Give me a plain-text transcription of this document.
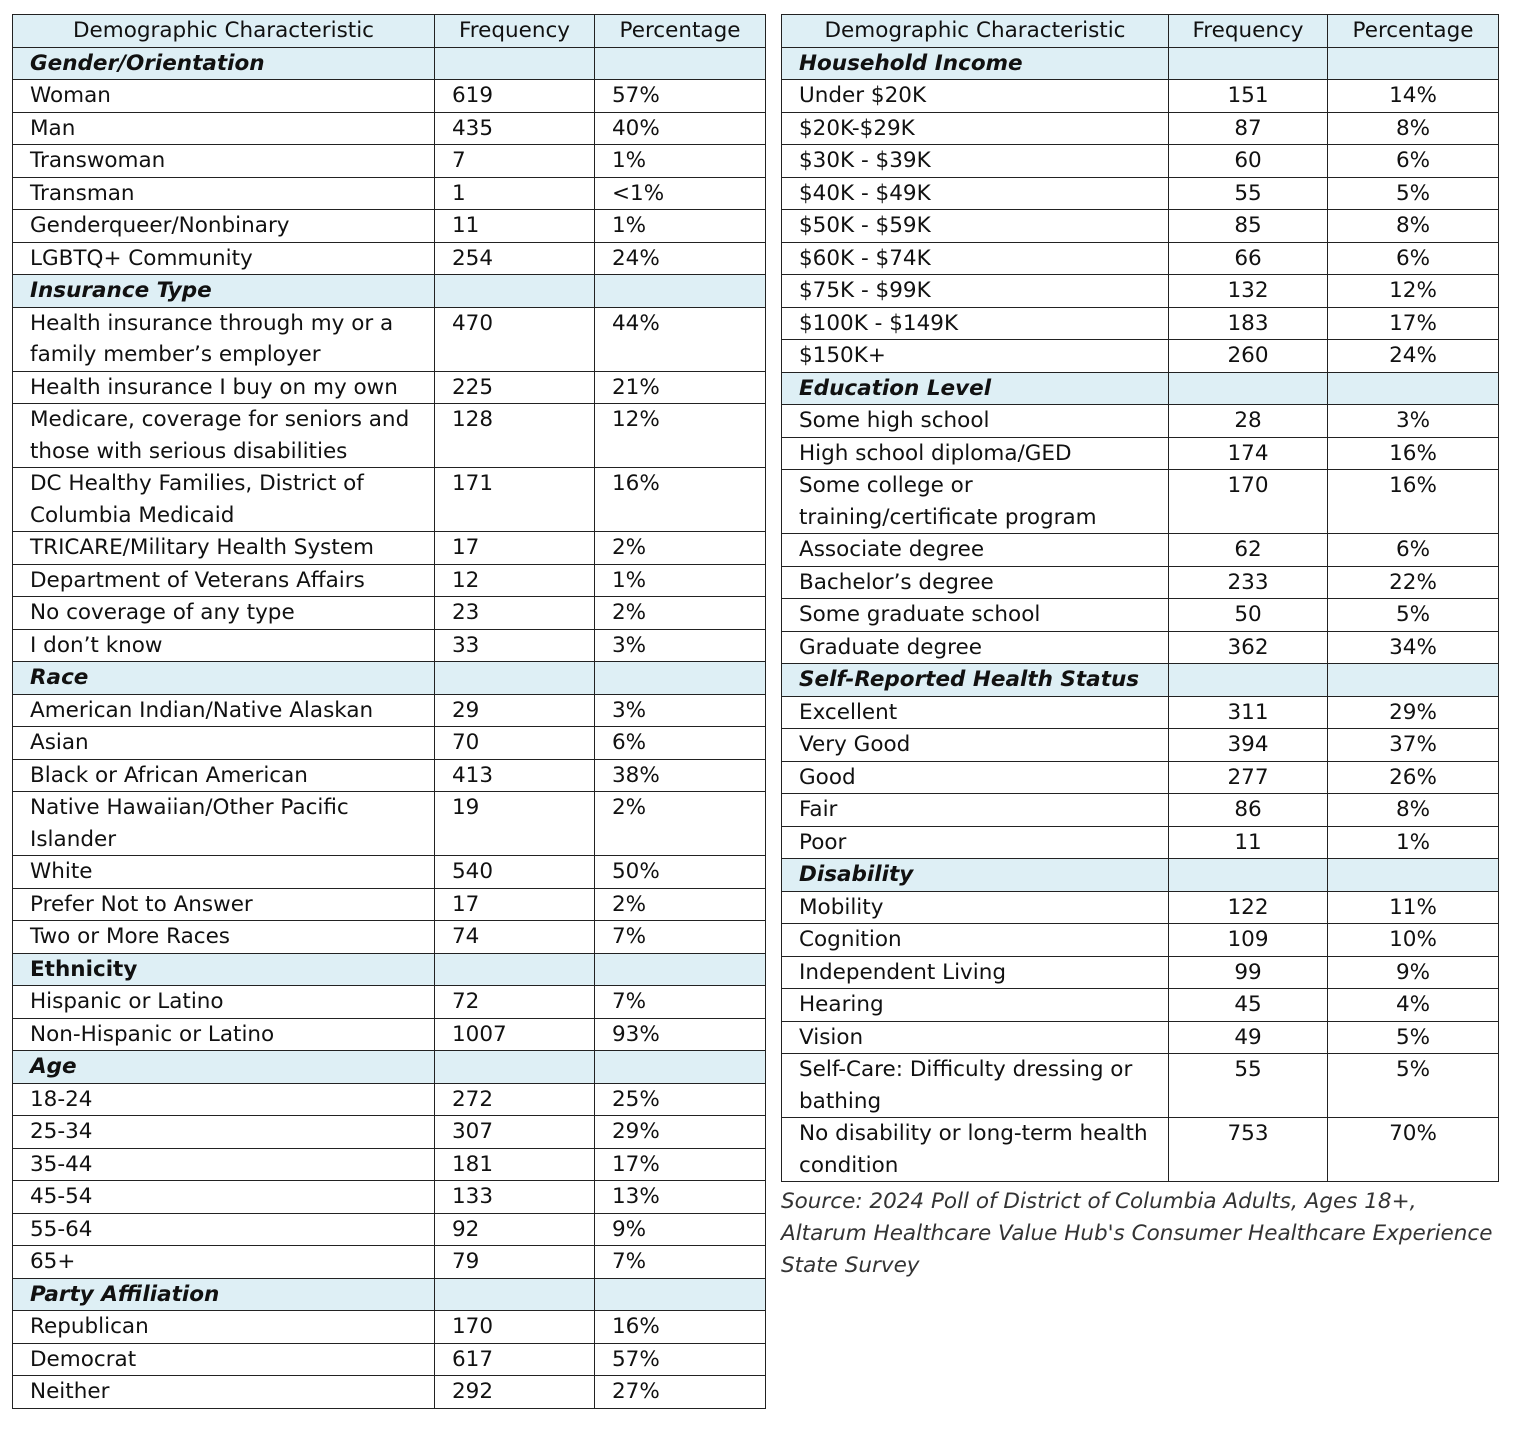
Demographic Characteristic	Frequency	Percentage
Gender/Orientation		
Woman	619	57%
Man	435	40%
Transwoman	7	1%
Transman	1	<1%
Genderqueer/Nonbinary	11	1%
LGBTQ+ Community	254	24%
Insurance Type		
Health insurance through my or a family member’s employer	470	44%
Health insurance I buy on my own	225	21%
Medicare, coverage for seniors and those with serious disabilities	128	12%
DC Healthy Families, District of Columbia Medicaid	171	16%
TRICARE/Military Health System	17	2%
Department of Veterans Affairs	12	1%
No coverage of any type	23	2%
I don’t know	33	3%
Race		
American Indian/Native Alaskan	29	3%
Asian	70	6%
Black or African American	413	38%
Native Hawaiian/Other Pacific Islander	19	2%
White	540	50%
Prefer Not to Answer	17	2%
Two or More Races	74	7%
Ethnicity		
Hispanic or Latino	72	7%
Non-Hispanic or Latino	1007	93%
Age		
18-24	272	25%
25-34	307	29%
35-44	181	17%
45-54	133	13%
55-64	92	9%
65+	79	7%
Party Affiliation		
Republican	170	16%
Democrat	617	57%
Neither	292	27%
Demographic Characteristic	Frequency	Percentage
Household Income		
Under $20K	151	14%
$20K-$29K	87	8%
$30K - $39K	60	6%
$40K - $49K	55	5%
$50K - $59K	85	8%
$60K - $74K	66	6%
$75K - $99K	132	12%
$100K - $149K	183	17%
$150K+	260	24%
Education Level		
Some high school	28	3%
High school diploma/GED	174	16%
Some college or training/certificate program	170	16%
Associate degree	62	6%
Bachelor’s degree	233	22%
Some graduate school	50	5%
Graduate degree	362	34%
Self-Reported Health Status		
Excellent	311	29%
Very Good	394	37%
Good	277	26%
Fair	86	8%
Poor	11	1%
Disability		
Mobility	122	11%
Cognition	109	10%
Independent Living	99	9%
Hearing	45	4%
Vision	49	5%
Self-Care: Difficulty dressing or bathing	55	5%
No disability or long-term health condition	753	70%
Source: 2024 Poll of District of Columbia Adults, Ages 18+, Altarum Healthcare Value Hub's Consumer Healthcare Experience State Survey
